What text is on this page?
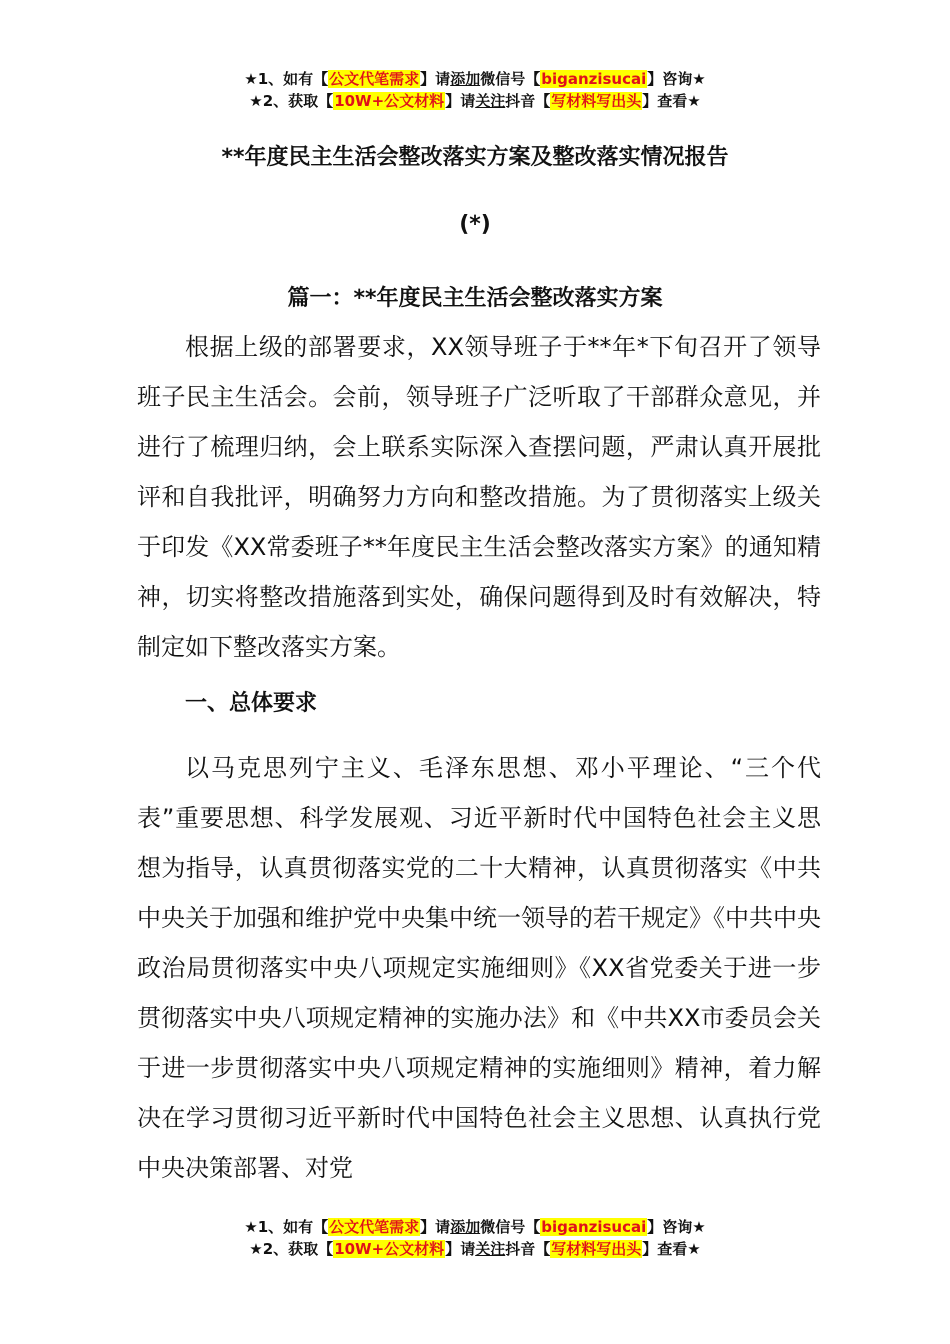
★1、如有【公文代笔需求】请添加微信号【biganzisucai】咨询★
★2、获取【10W+公文材料】请关注抖音【写材料写出头】查看★
**年度民主生活会整改落实方案及整改落实情况报告
(*)
篇一：**年度民主生活会整改落实方案

根据上级的部署要求，XX领导班子于**年*下旬召开了领导班子民主生活会。会前，领导班子广泛听取了干部群众意见，并进行了梳理归纳，会上联系实际深入查摆问题，严肃认真开展批评和自我批评，明确努力方向和整改措施。为了贯彻落实上级关于印发《XX常委班子**年度民主生活会整改落实方案》的通知精神，切实将整改措施落到实处，确保问题得到及时有效解决，特制定如下整改落实方案。

一、总体要求

以马克思列宁主义、毛泽东思想、邓小平理论、“三个代表”重要思想、科学发展观、习近平新时代中国特色社会主义思想为指导，认真贯彻落实党的二十大精神，认真贯彻落实《中共中央关于加强和维护党中央集中统一领导的若干规定》《中共中央政治局贯彻落实中央八项规定实施细则》《XX省党委关于进一步贯彻落实中央八项规定精神的实施办法》和《中共XX市委员会关于进一步贯彻落实中央八项规定精神的实施细则》精神，着力解决在学习贯彻习近平新时代中国特色社会主义思想、认真执行党中央决策部署、对党

★1、如有【公文代笔需求】请添加微信号【biganzisucai】咨询★
★2、获取【10W+公文材料】请关注抖音【写材料写出头】查看★
